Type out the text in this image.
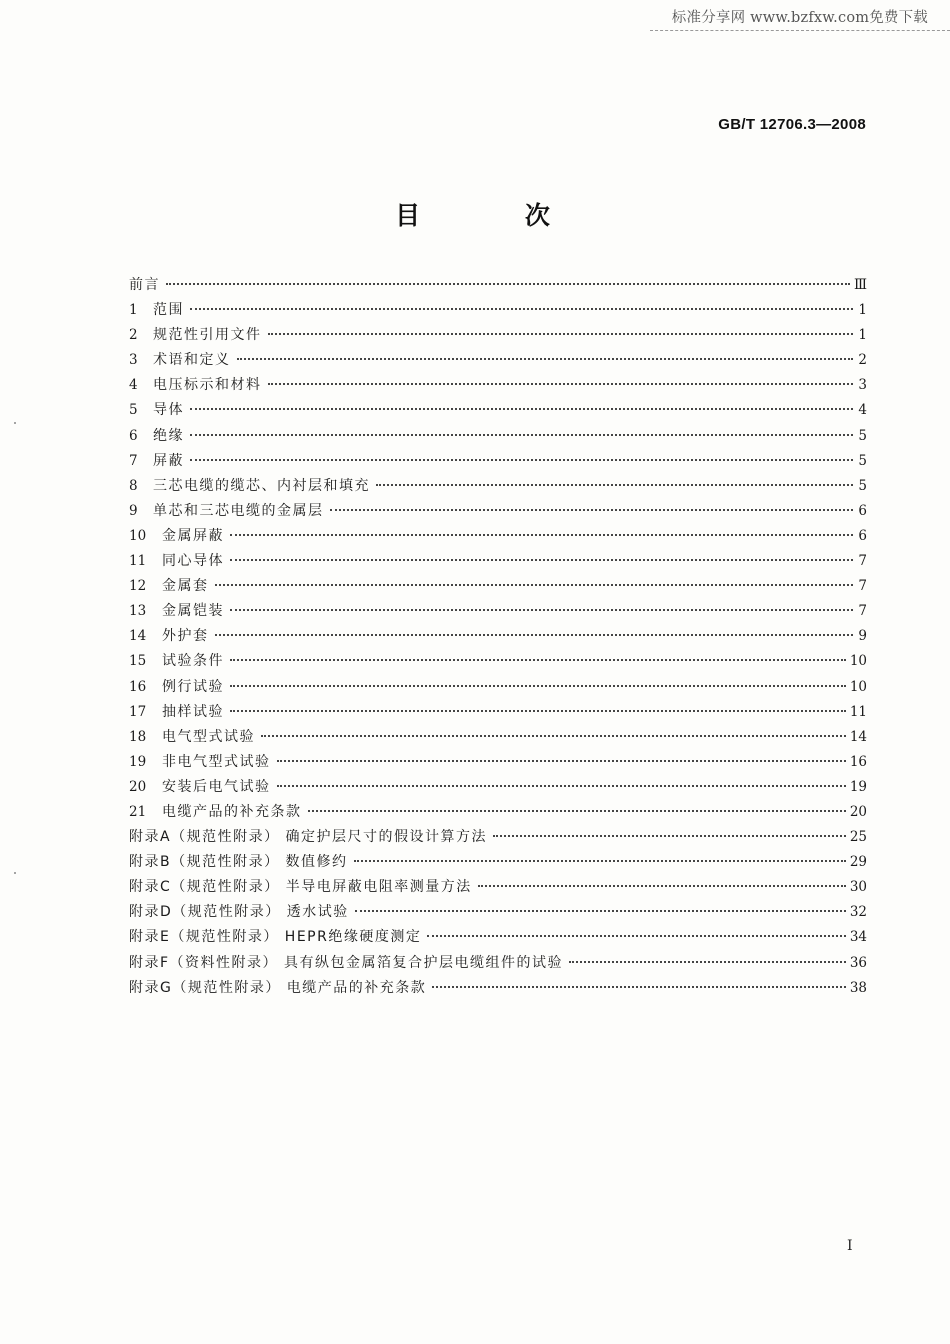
标准分享网 www.bzfxw.com免费下载
GB/T 12706.3—2008
目 次
前言	Ⅲ
1	范围	1
2	规范性引用文件	1
3	术语和定义	2
4	电压标示和材料	3
5	导体	4
6	绝缘	5
7	屏蔽	5
8	三芯电缆的缆芯、内衬层和填充	5
9	单芯和三芯电缆的金属层	6
10	金属屏蔽	6
11	同心导体	7
12	金属套	7
13	金属铠装	7
14	外护套	9
15	试验条件	10
16	例行试验	10
17	抽样试验	11
18	电气型式试验	14
19	非电气型式试验	16
20	安装后电气试验	19
21	电缆产品的补充条款	20
附录A（规范性附录） 确定护层尺寸的假设计算方法	25
附录B（规范性附录） 数值修约	29
附录C（规范性附录） 半导电屏蔽电阻率测量方法	30
附录D（规范性附录） 透水试验	32
附录E（规范性附录） HEPR绝缘硬度测定	34
附录F（资料性附录） 具有纵包金属箔复合护层电缆组件的试验	36
附录G（规范性附录） 电缆产品的补充条款	38
I
